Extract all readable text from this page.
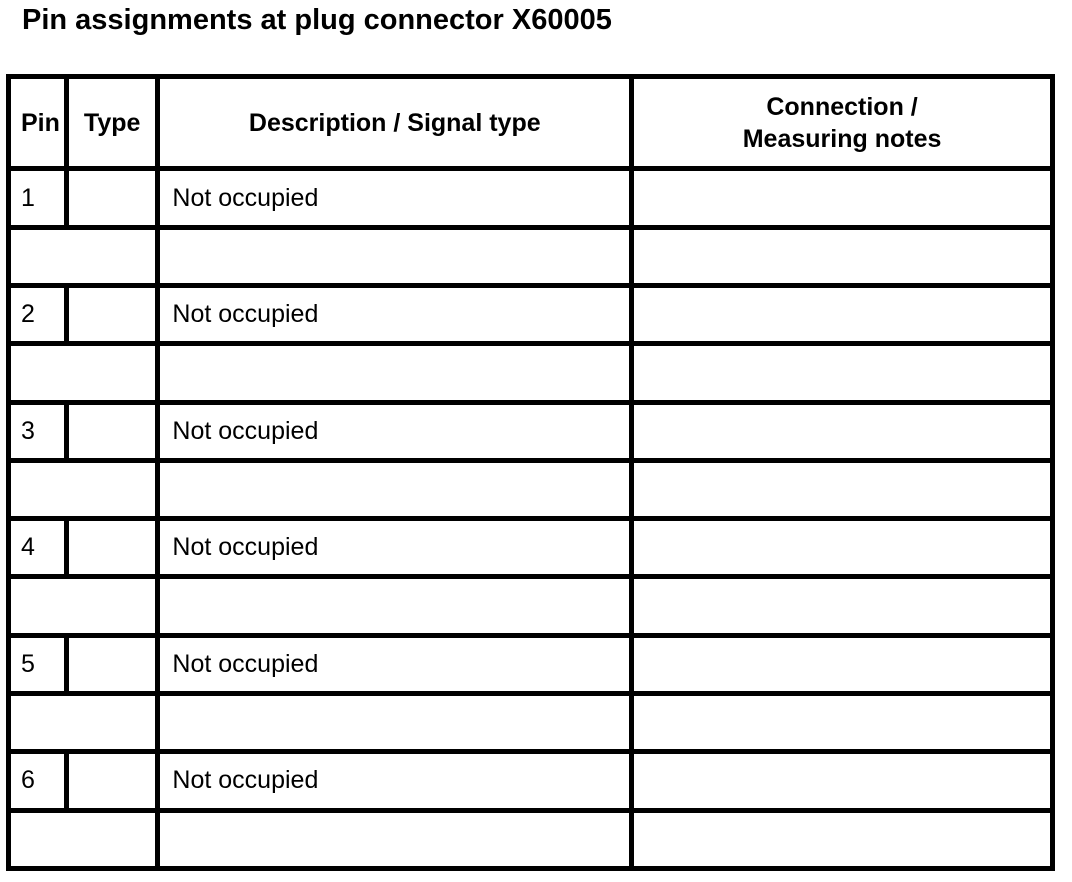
Pin assignments at plug connector X60005
Pin	Type	Description / Signal type	Connection /
Measuring notes
1		Not occupied	

2		Not occupied	

3		Not occupied	

4		Not occupied	

5		Not occupied	

6		Not occupied	
